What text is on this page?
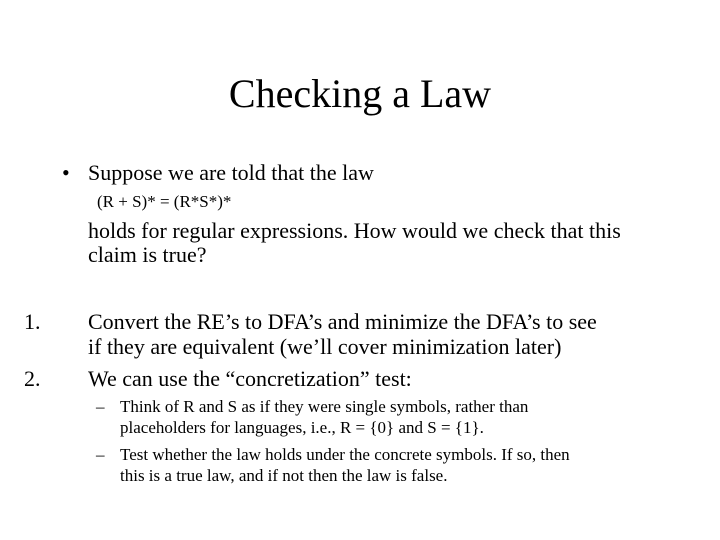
Checking a Law
• Suppose we are told that the law
(R + S)* = (R*S*)*
holds for regular expressions. How would we check that this
claim is true?
1. Convert the RE’s to DFA’s and minimize the DFA’s to see
if they are equivalent (we’ll cover minimization later)
2. We can use the “concretization” test:
– Think of R and S as if they were single symbols, rather than
placeholders for languages, i.e., R = {0} and S = {1}.
– Test whether the law holds under the concrete symbols. If so, then
this is a true law, and if not then the law is false.
